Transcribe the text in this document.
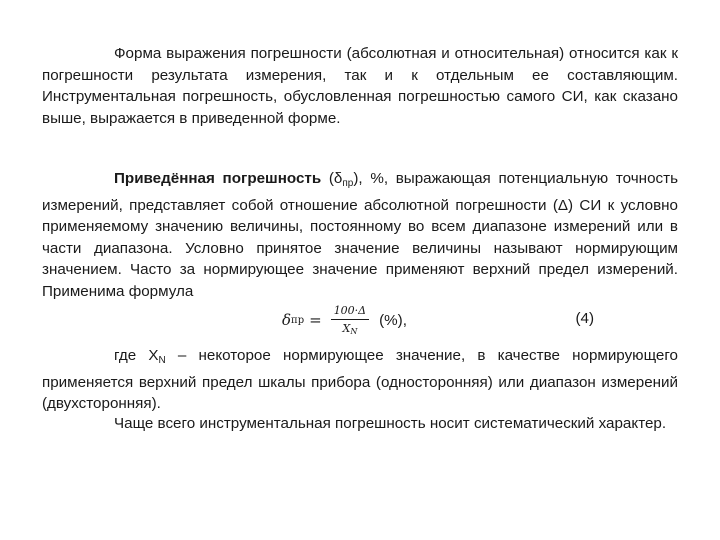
Форма выражения погрешности (абсолютная и относительная) относится как к погрешности результата измерения, так и к отдельным ее составляющим. Инструментальная погрешность, обусловленная погрешностью самого СИ, как сказано выше, выражается в приведенной форме.

Приведённая погрешность $(\delta_{пр})$, %, выражающая потенциальную точность измерений, представляет собой отношение абсолютной погрешности (Δ) СИ к условно применяемому значению величины, постоянному во всем диапазоне измерений или в части диапазона. Условно принятое значение величины называют нормирующим значением. Часто за нормирующее значение применяют верхний предел измерений. Применима формула

δ пр = $\frac{100\cdot\Delta}{XN}$ (%),	(4)

где $X_N$ – некоторое нормирующее значение, в качестве нормирующего применяется верхний предел шкалы прибора (односторонняя) или диапазон измерений (двухсторонняя).

Чаще всего инструментальная погрешность носит систематический характер.
